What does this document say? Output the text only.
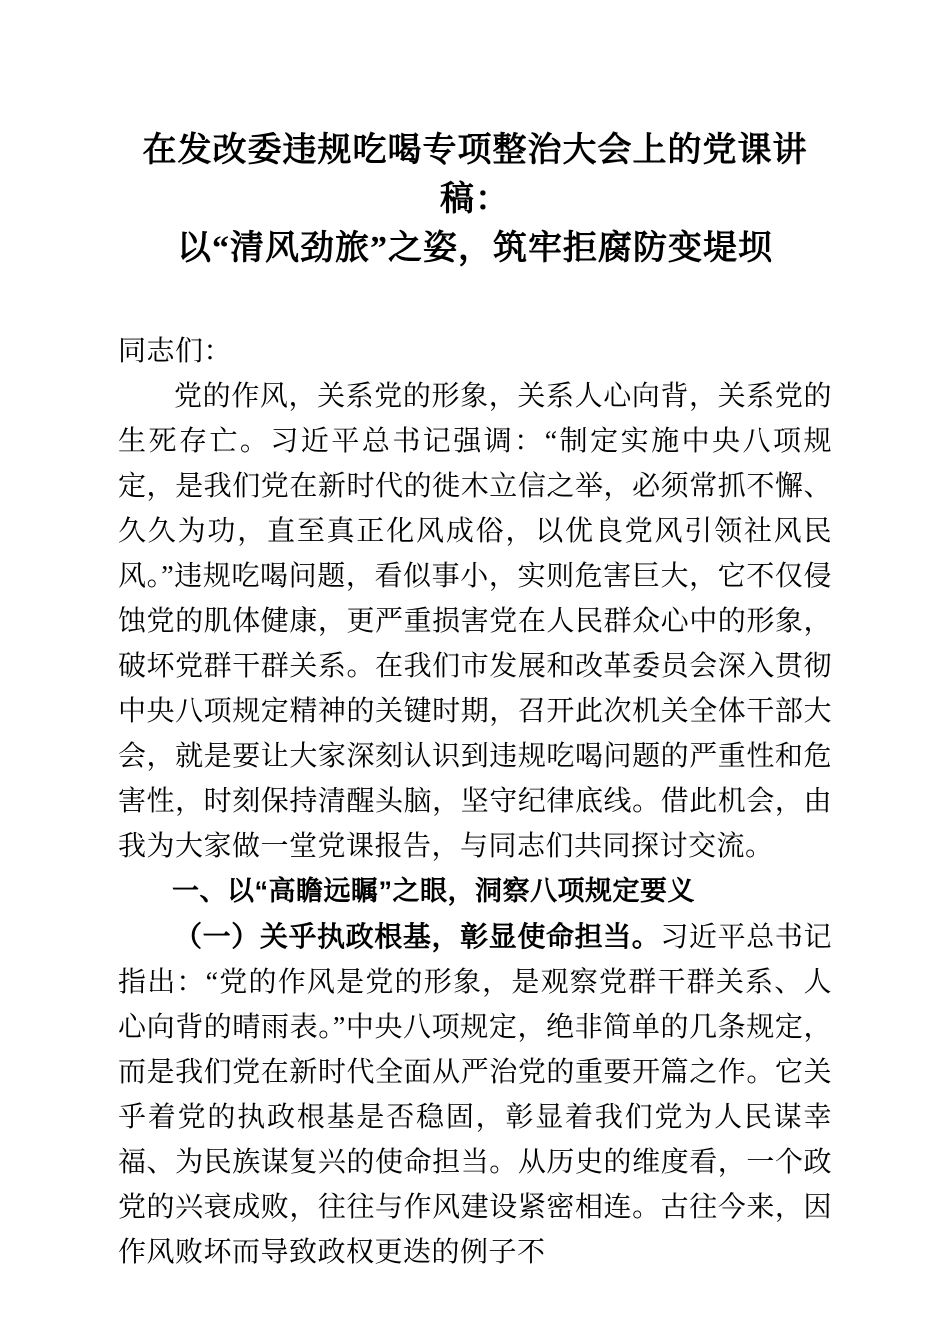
在发改委违规吃喝专项整治大会上的党课讲稿：
以“清风劲旅”之姿，筑牢拒腐防变堤坝

同志们：

党的作风，关系党的形象，关系人心向背，关系党的生死存亡。习近平总书记强调：“制定实施中央八项规定，是我们党在新时代的徙木立信之举，必须常抓不懈、久久为功，直至真正化风成俗，以优良党风引领社风民风。”违规吃喝问题，看似事小，实则危害巨大，它不仅侵蚀党的肌体健康，更严重损害党在人民群众心中的形象，破坏党群干群关系。在我们市发展和改革委员会深入贯彻中央八项规定精神的关键时期，召开此次机关全体干部大会，就是要让大家深刻认识到违规吃喝问题的严重性和危害性，时刻保持清醒头脑，坚守纪律底线。借此机会，由我为大家做一堂党课报告，与同志们共同探讨交流。

一、以“高瞻远瞩”之眼，洞察八项规定要义

（一）关乎执政根基，彰显使命担当。习近平总书记指出：“党的作风是党的形象，是观察党群干群关系、人心向背的晴雨表。”中央八项规定，绝非简单的几条规定，而是我们党在新时代全面从严治党的重要开篇之作。它关乎着党的执政根基是否稳固，彰显着我们党为人民谋幸福、为民族谋复兴的使命担当。从历史的维度看，一个政党的兴衰成败，往往与作风建设紧密相连。古往今来，因作风败坏而导致政权更迭的例子不
